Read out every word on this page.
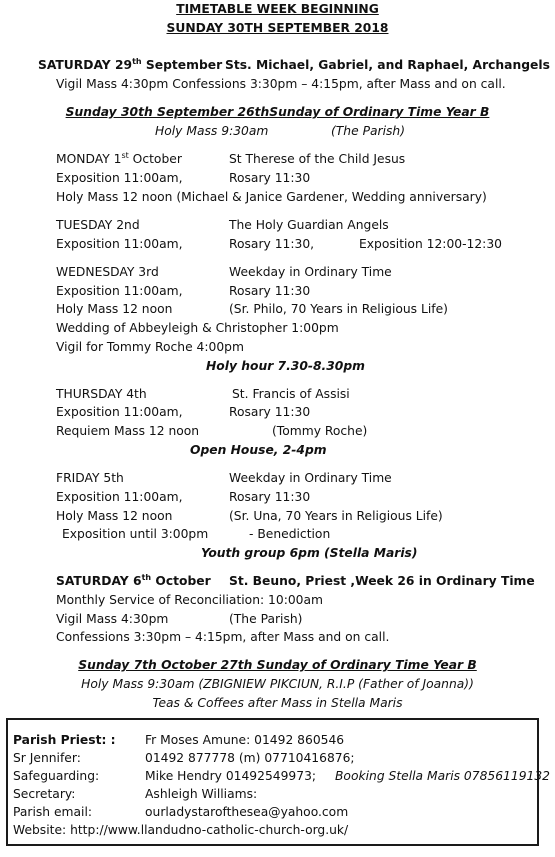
TIMETABLE WEEK BEGINNING
SUNDAY 30TH SEPTEMBER 2018
SATURDAY 29th September Sts. Michael, Gabriel, and Raphael, Archangels
Vigil Mass 4:30pm Confessions 3:30pm – 4:15pm, after Mass and on call.
Sunday 30th September 26thSunday of Ordinary Time Year B
Holy Mass 9:30am	(The Parish)
MONDAY 1st October	St Therese of the Child Jesus
Exposition 11:00am,	Rosary 11:30
Holy Mass 12 noon (Michael & Janice Gardener, Wedding anniversary)
TUESDAY 2nd	The Holy Guardian Angels
Exposition 11:00am,	Rosary 11:30,	Exposition 12:00-12:30
WEDNESDAY 3rd	Weekday in Ordinary Time
Exposition 11:00am,	Rosary 11:30
Holy Mass 12 noon	(Sr. Philo, 70 Years in Religious Life)
Wedding of Abbeyleigh & Christopher 1:00pm
Vigil for Tommy Roche 4:00pm
Holy hour 7.30-8.30pm
THURSDAY 4th	St. Francis of Assisi
Exposition 11:00am,	Rosary 11:30
Requiem Mass 12 noon	(Tommy Roche)
Open House, 2-4pm
FRIDAY 5th	Weekday in Ordinary Time
Exposition 11:00am,	Rosary 11:30
Holy Mass 12 noon	(Sr. Una, 70 Years in Religious Life)
Exposition until 3:00pm	- Benediction
Youth group 6pm (Stella Maris)
SATURDAY 6th October St. Beuno, Priest ,Week 26 in Ordinary Time
Monthly Service of Reconciliation: 10:00am
Vigil Mass 4:30pm	(The Parish)
Confessions 3:30pm – 4:15pm, after Mass and on call.
Sunday 7th October 27th Sunday of Ordinary Time Year B
Holy Mass 9:30am (ZBIGNIEW PIKCIUN, R.I.P (Father of Joanna))
Teas & Coffees after Mass in Stella Maris
Parish Priest: : Fr Moses Amune: 01492 860546
Sr Jennifer:	01492 877778 (m) 07710416876;
Safeguarding:	Mike Hendry 01492549973; Booking Stella Maris 07856119132
Secretary:	Ashleigh Williams:
Parish email:	ourladystaroftheseа@yahoo.com
Website: http://www.llandudno-catholic-church-org.uk/
